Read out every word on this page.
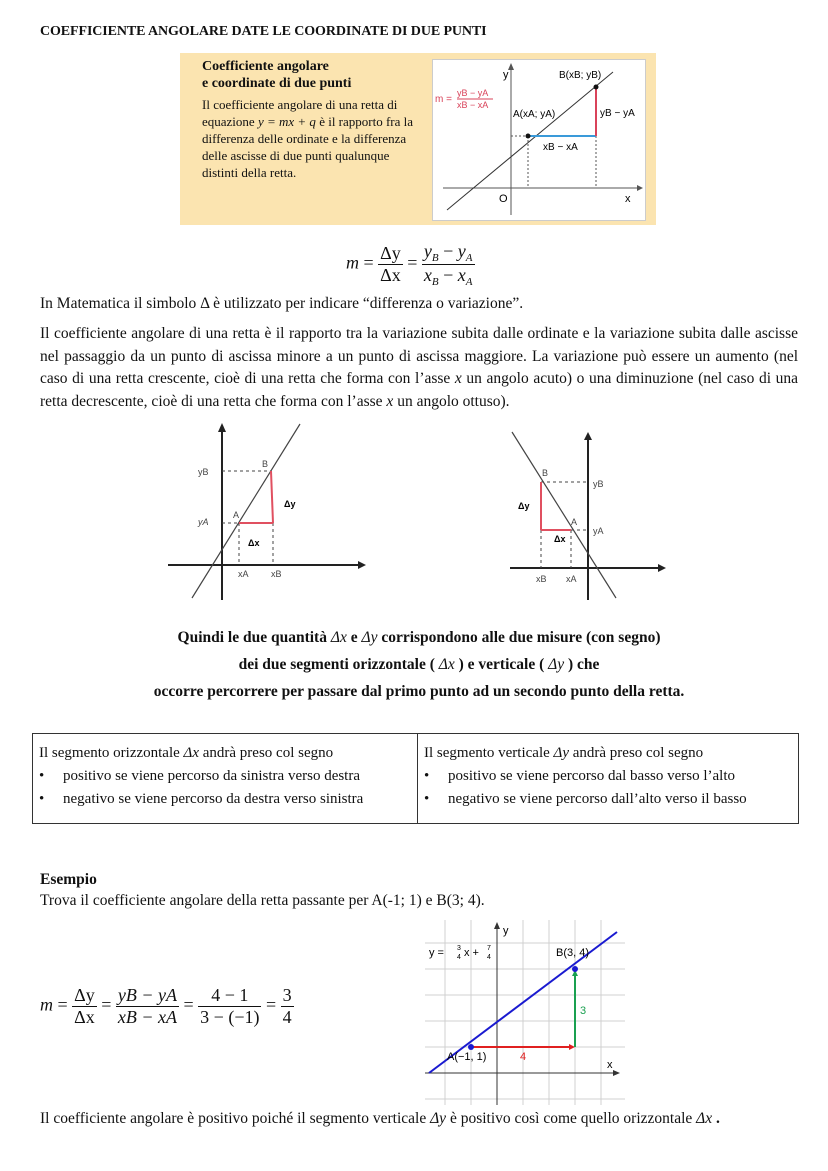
COEFFICIENTE ANGOLARE DATE LE COORDINATE DI DUE PUNTI
Coefficiente angolare
e coordinate di due punti
Il coefficiente angolare di una retta di equazione y = mx + q è il rapporto fra la differenza delle ordinate e la differenza delle ascisse di due punti qualunque distinti della retta.
y
x
O
B(xB; yB)
A(xA; yA)	yB − yA
xB − xA
m =
yB − yA
xB − xA
$m = \frac{\Delta y}{\Delta x} = \frac{y_B - y_A}{x_B - x_A}$
In Matematica il simbolo Δ è utilizzato per indicare “differenza o variazione”.
Il coefficiente angolare di una retta è il rapporto tra la variazione subita dalle ordinate e la variazione subita dalle ascisse nel passaggio da un punto di ascissa minore a un punto di ascissa maggiore. La variazione può essere un aumento (nel caso di una retta crescente, cioè di una retta che forma con l’asse x un angolo acuto) o una diminuzione (nel caso di una retta decrescente, cioè di una retta che forma con l’asse x un angolo ottuso).
yB
yA
A
B
Δy
Δx
xA xB
yB
yA
A
B
Δy
Δx
xB xA
Quindi le due quantità Δx e Δy corrispondono alle due misure (con segno)
dei due segmenti orizzontale ( Δx ) e verticale ( Δy ) che
occorre percorrere per passare dal primo punto ad un secondo punto della retta.
Il segmento orizzontale Δx andrà preso col segno
•	positivo se viene percorso da sinistra verso destra
•	negativo se viene percorso da destra verso sinistra

Il segmento verticale Δy andrà preso col segno
•	positivo se viene percorso dal basso verso l’alto
•	negativo se viene percorso dall’alto verso il basso
Esempio
Trova il coefficiente angolare della retta passante per A(-1; 1) e B(3; 4).
$m = \frac{\Delta y}{\Delta x} = \frac{yB - yA}{xB - xA} = \frac{4 - 1}{3 - (-1)} = \frac{3}{4}$
y
x
A(−1, 1)
B(3, 4)
4
3
y = 3
4 x + 7
4
Il coefficiente angolare è positivo poiché il segmento verticale Δy è positivo così come quello orizzontale Δx .
